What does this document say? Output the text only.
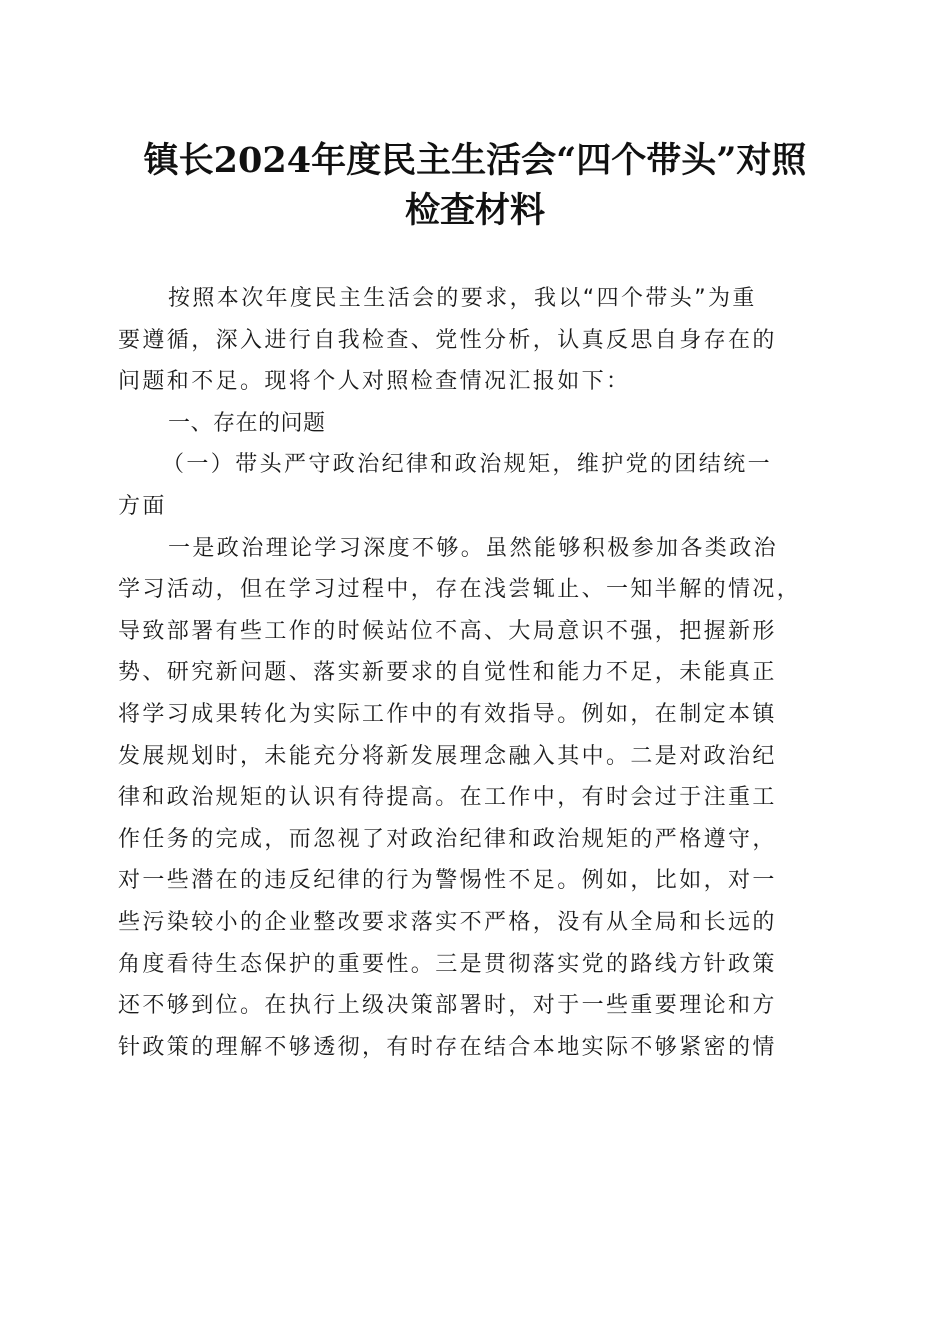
镇长2024年度民主生活会“四个带头”对照
检查材料
按照本次年度民主生活会的要求，我以“四个带头”为重
要遵循，深入进行自我检查、党性分析，认真反思自身存在的
问题和不足。现将个人对照检查情况汇报如下：
一、存在的问题
（一）带头严守政治纪律和政治规矩，维护党的团结统一
方面
一是政治理论学习深度不够。虽然能够积极参加各类政治
学习活动，但在学习过程中，存在浅尝辄止、一知半解的情况，
导致部署有些工作的时候站位不高、大局意识不强，把握新形
势、研究新问题、落实新要求的自觉性和能力不足，未能真正
将学习成果转化为实际工作中的有效指导。例如，在制定本镇
发展规划时，未能充分将新发展理念融入其中。二是对政治纪
律和政治规矩的认识有待提高。在工作中，有时会过于注重工
作任务的完成，而忽视了对政治纪律和政治规矩的严格遵守，
对一些潜在的违反纪律的行为警惕性不足。例如，比如，对一
些污染较小的企业整改要求落实不严格，没有从全局和长远的
角度看待生态保护的重要性。三是贯彻落实党的路线方针政策
还不够到位。在执行上级决策部署时，对于一些重要理论和方
针政策的理解不够透彻，有时存在结合本地实际不够紧密的情
